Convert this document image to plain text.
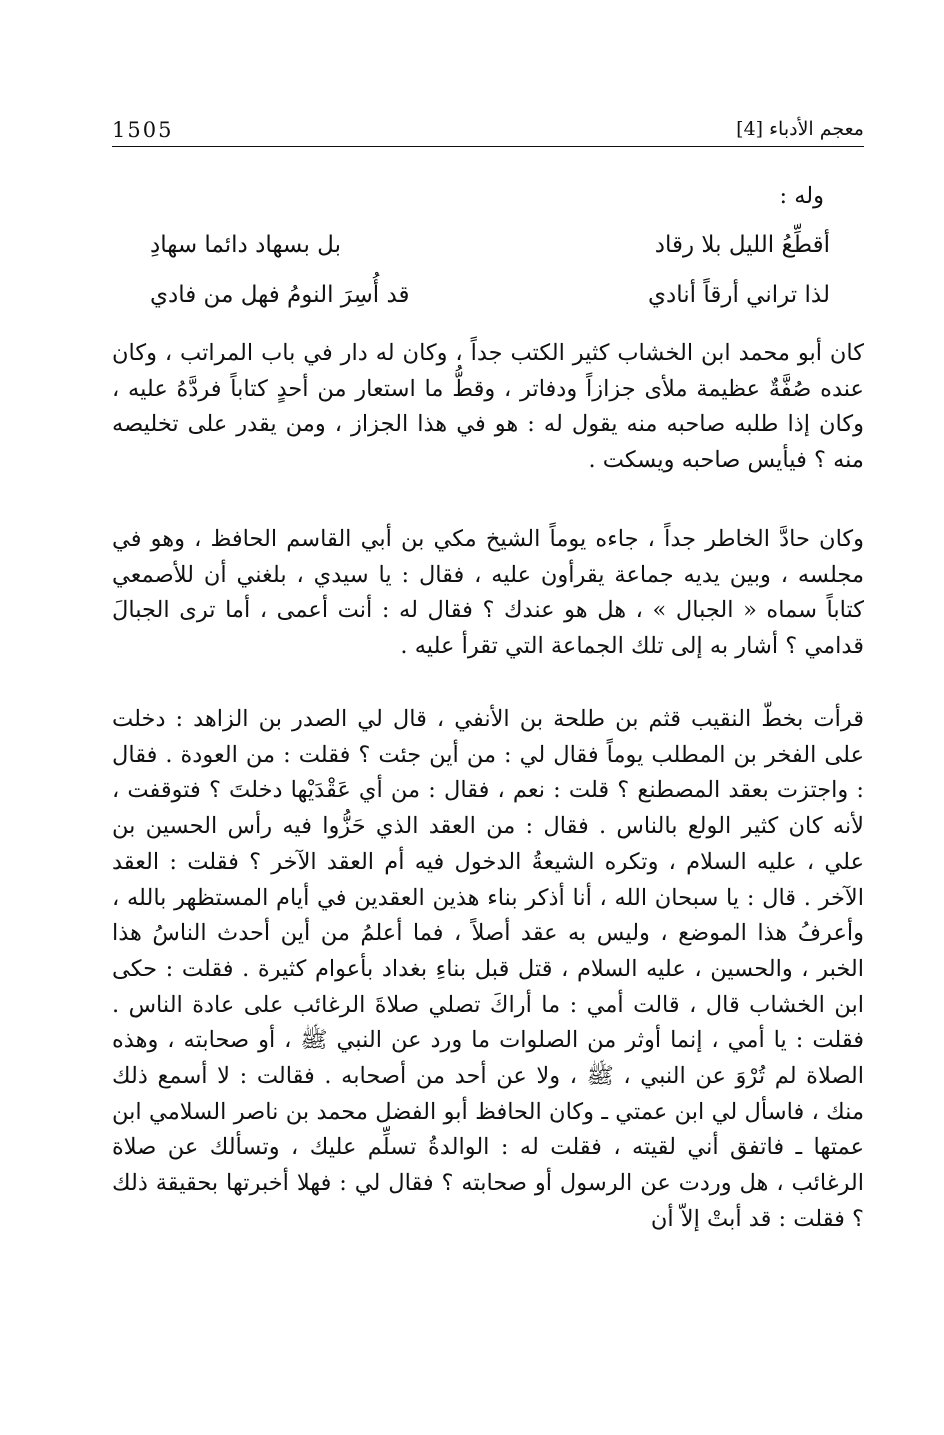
1505	معجم الأدباء [4]

وله :

أقطِّعُ الليل بلا رقاد
بل بسهاد دائما سهادِ
لذا تراني أرقاً أنادي
قد أُسِرَ النومُ فهل من فادي

كان أبو محمد ابن الخشاب كثير الكتب جداً ، وكان له دار في باب المراتب ، وكان عنده صُفَّةٌ عظيمة ملأى جزازاً ودفاتر ، وقطُّ ما استعار من أحدٍ كتاباً فردَّهُ عليه ، وكان إذا طلبه صاحبه منه يقول له : هو في هذا الجزاز ، ومن يقدر على تخليصه منه ؟ فيأيس صاحبه ويسكت .

وكان حادَّ الخاطر جداً ، جاءه يوماً الشيخ مكي بن أبي القاسم الحافظ ، وهو في مجلسه ، وبين يديه جماعة يقرأون عليه ، فقال : يا سيدي ، بلغني أن للأصمعي كتاباً سماه « الجبال » ، هل هو عندك ؟ فقال له : أنت أعمى ، أما ترى الجبالَ قدامي ؟ أشار به إلى تلك الجماعة التي تقرأ عليه .

قرأت بخطّ النقيب قثم بن طلحة بن الأنفي ، قال لي الصدر بن الزاهد : دخلت على الفخر بن المطلب يوماً فقال لي : من أين جئت ؟ فقلت : من العودة . فقال : واجتزت بعقد المصطنع ؟ قلت : نعم ، فقال : من أي عَقْدَيْها دخلتَ ؟ فتوقفت ، لأنه كان كثير الولع بالناس . فقال : من العقد الذي حَزُّوا فيه رأس الحسين بن علي ، عليه السلام ، وتكره الشيعةُ الدخول فيه أم العقد الآخر ؟ فقلت : العقد الآخر . قال : يا سبحان الله ، أنا أذكر بناء هذين العقدين في أيام المستظهر بالله ، وأعرفُ هذا الموضع ، وليس به عقد أصلاً ، فما أعلمُ من أين أحدث الناسُ هذا الخبر ، والحسين ، عليه السلام ، قتل قبل بناءِ بغداد بأعوام كثيرة . فقلت : حكى ابن الخشاب قال ، قالت أمي : ما أراكَ تصلي صلاةَ الرغائب على عادة الناس . فقلت : يا أمي ، إنما أوثر من الصلوات ما ورد عن النبي ﷺ ، أو صحابته ، وهذه الصلاة لم تُرْوَ عن النبي ، ﷺ ، ولا عن أحد من أصحابه . فقالت : لا أسمع ذلك منك ، فاسأل لي ابن عمتي ـ وكان الحافظ أبو الفضل محمد بن ناصر السلامي ابن عمتها ـ فاتفق أني لقيته ، فقلت له : الوالدةُ تسلِّم عليك ، وتسألك عن صلاة الرغائب ، هل وردت عن الرسول أو صحابته ؟ فقال لي : فهلا أخبرتها بحقيقة ذلك ؟ فقلت : قد أبتْ إلاّ أن
